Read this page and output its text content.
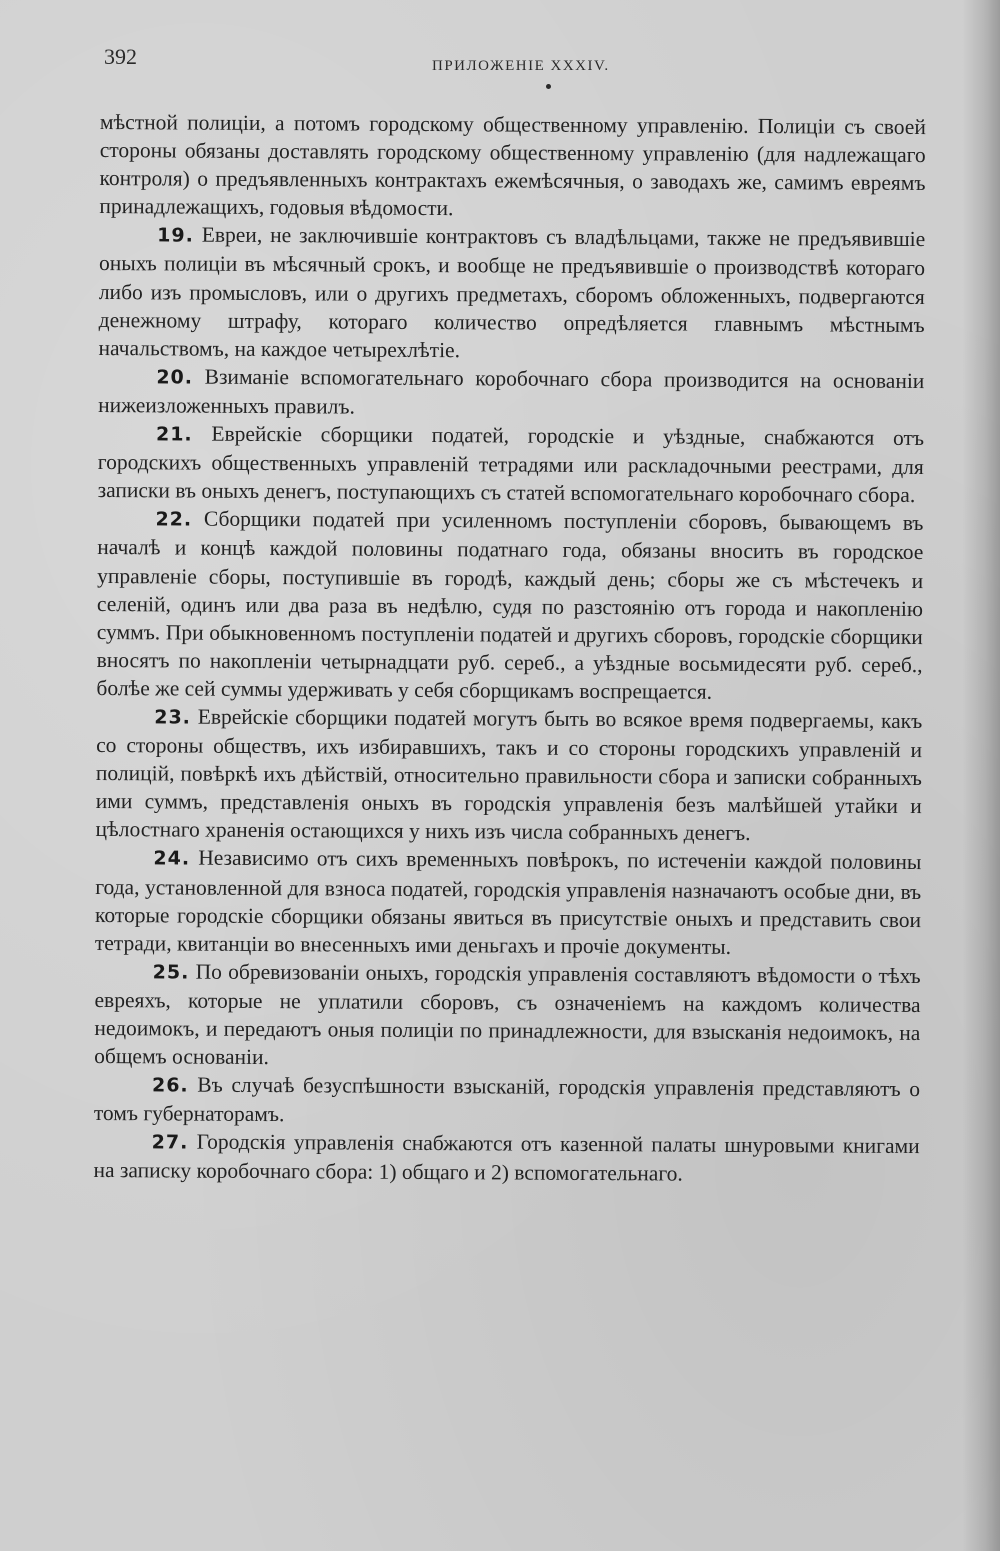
392	ПРИЛОЖЕНІЕ XXXIV.

мѣстной полиціи, а потомъ городскому общественному управленію. Полиціи съ своей стороны обязаны доставлять городскому общественному управленію (для надлежащаго контроля) о предъявленныхъ контрактахъ ежемѣсячныя, о заводахъ же, самимъ евреямъ принадлежащихъ, годовыя вѣдомости.

19. Евреи, не заключившіе контрактовъ съ владѣльцами, также не предъявившіе оныхъ полиціи въ мѣсячный срокъ, и вообще не предъявившіе о производствѣ котораго либо изъ промысловъ, или о другихъ предметахъ, сборомъ обложенныхъ, подвергаются денежному штрафу, котораго количество опредѣляется главнымъ мѣстнымъ начальствомъ, на каждое четырехлѣтіе.

20. Взиманіе вспомогательнаго коробочнаго сбора производится на основаніи нижеизложенныхъ правилъ.

21. Еврейскіе сборщики податей, городскіе и уѣздные, снабжаются отъ городскихъ общественныхъ управленій тетрадями или раскладочными реестрами, для записки въ оныхъ денегъ, поступающихъ съ статей вспомогательнаго коробочнаго сбора.

22. Сборщики податей при усиленномъ поступленіи сборовъ, бывающемъ въ началѣ и концѣ каждой половины податнаго года, обязаны вносить въ городское управленіе сборы, поступившіе въ городѣ, каждый день; сборы же съ мѣстечекъ и селеній, одинъ или два раза въ недѣлю, судя по разстоянію отъ города и накопленію суммъ. При обыкновенномъ поступленіи податей и другихъ сборовъ, городскіе сборщики вносятъ по накопленіи четырнадцати руб. сереб., а уѣздные восьмидесяти руб. сереб., болѣе же сей суммы удерживать у себя сборщикамъ воспрещается.

23. Еврейскіе сборщики податей могутъ быть во всякое время подвергаемы, какъ со стороны обществъ, ихъ избиравшихъ, такъ и со стороны городскихъ управленій и полицій, повѣркѣ ихъ дѣйствій, относительно правильности сбора и записки собранныхъ ими суммъ, представленія оныхъ въ городскія управленія безъ малѣйшей утайки и цѣлостнаго храненія остающихся у нихъ изъ числа собранныхъ денегъ.

24. Независимо отъ сихъ временныхъ повѣрокъ, по истеченіи каждой половины года, установленной для взноса податей, городскія управленія назначаютъ особые дни, въ которые городскіе сборщики обязаны явиться въ присутствіе оныхъ и представить свои тетради, квитанціи во внесенныхъ ими деньгахъ и прочіе документы.

25. По обревизованіи оныхъ, городскія управленія составляютъ вѣдомости о тѣхъ евреяхъ, которые не уплатили сборовъ, съ означеніемъ на каждомъ количества недоимокъ, и передаютъ оныя полиціи по принадлежности, для взысканія недоимокъ, на общемъ основаніи.

26. Въ случаѣ безуспѣшности взысканій, городскія управленія представляютъ о томъ губернаторамъ.

27. Городскія управленія снабжаются отъ казенной палаты шнуровыми книгами на записку коробочнаго сбора: 1) общаго и 2) вспомогательнаго.
